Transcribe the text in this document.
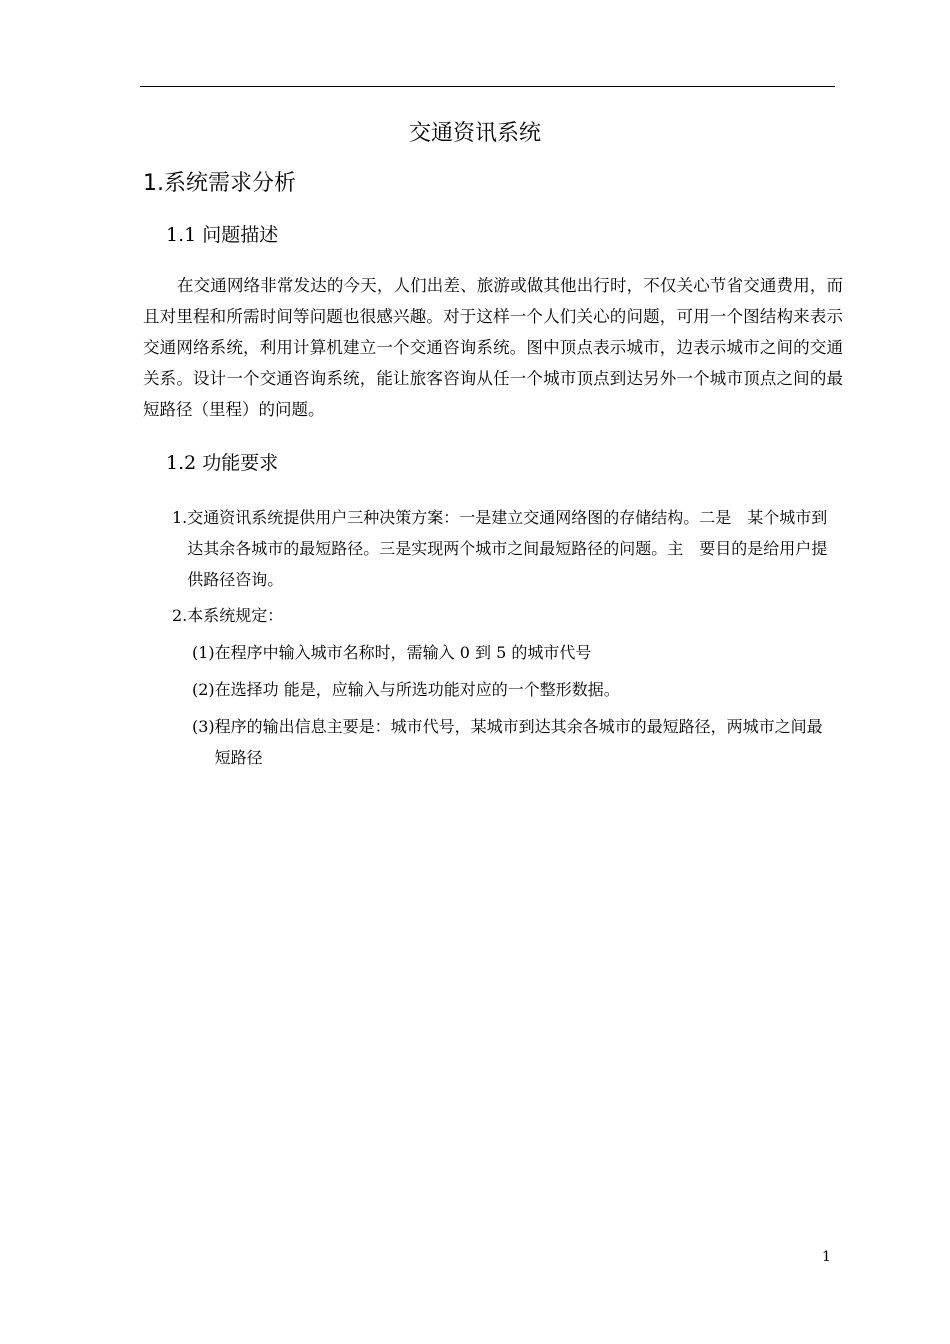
交通资讯系统
1.系统需求分析
1.1 问题描述

在交通网络非常发达的今天，人们出差、旅游或做其他出行时，不仅关心节省交通费用，而且对里程和所需时间等问题也很感兴趣。对于这样一个人们关心的问题，可用一个图结构来表示交通网络系统，利用计算机建立一个交通咨询系统。图中顶点表示城市，边表示城市之间的交通关系。设计一个交通咨询系统，能让旅客咨询从任一个城市顶点到达另外一个城市顶点之间的最短路径（里程）的问题。

1.2 功能要求
1. 交通资讯系统提供用户三种决策方案：一是建立交通网络图的存储结构。二是　某个城市到达其余各城市的最短路径。三是实现两个城市之间最短路径的问题。主　要目的是给用户提供路径咨询。
2. 本系统规定：
(1) 在程序中输入城市名称时，需输入 0 到 5 的城市代号
(2) 在选择功 能是，应输入与所选功能对应的一个整形数据。
(3) 程序的输出信息主要是：城市代号，某城市到达其余各城市的最短路径，两城市之间最短路径
1
